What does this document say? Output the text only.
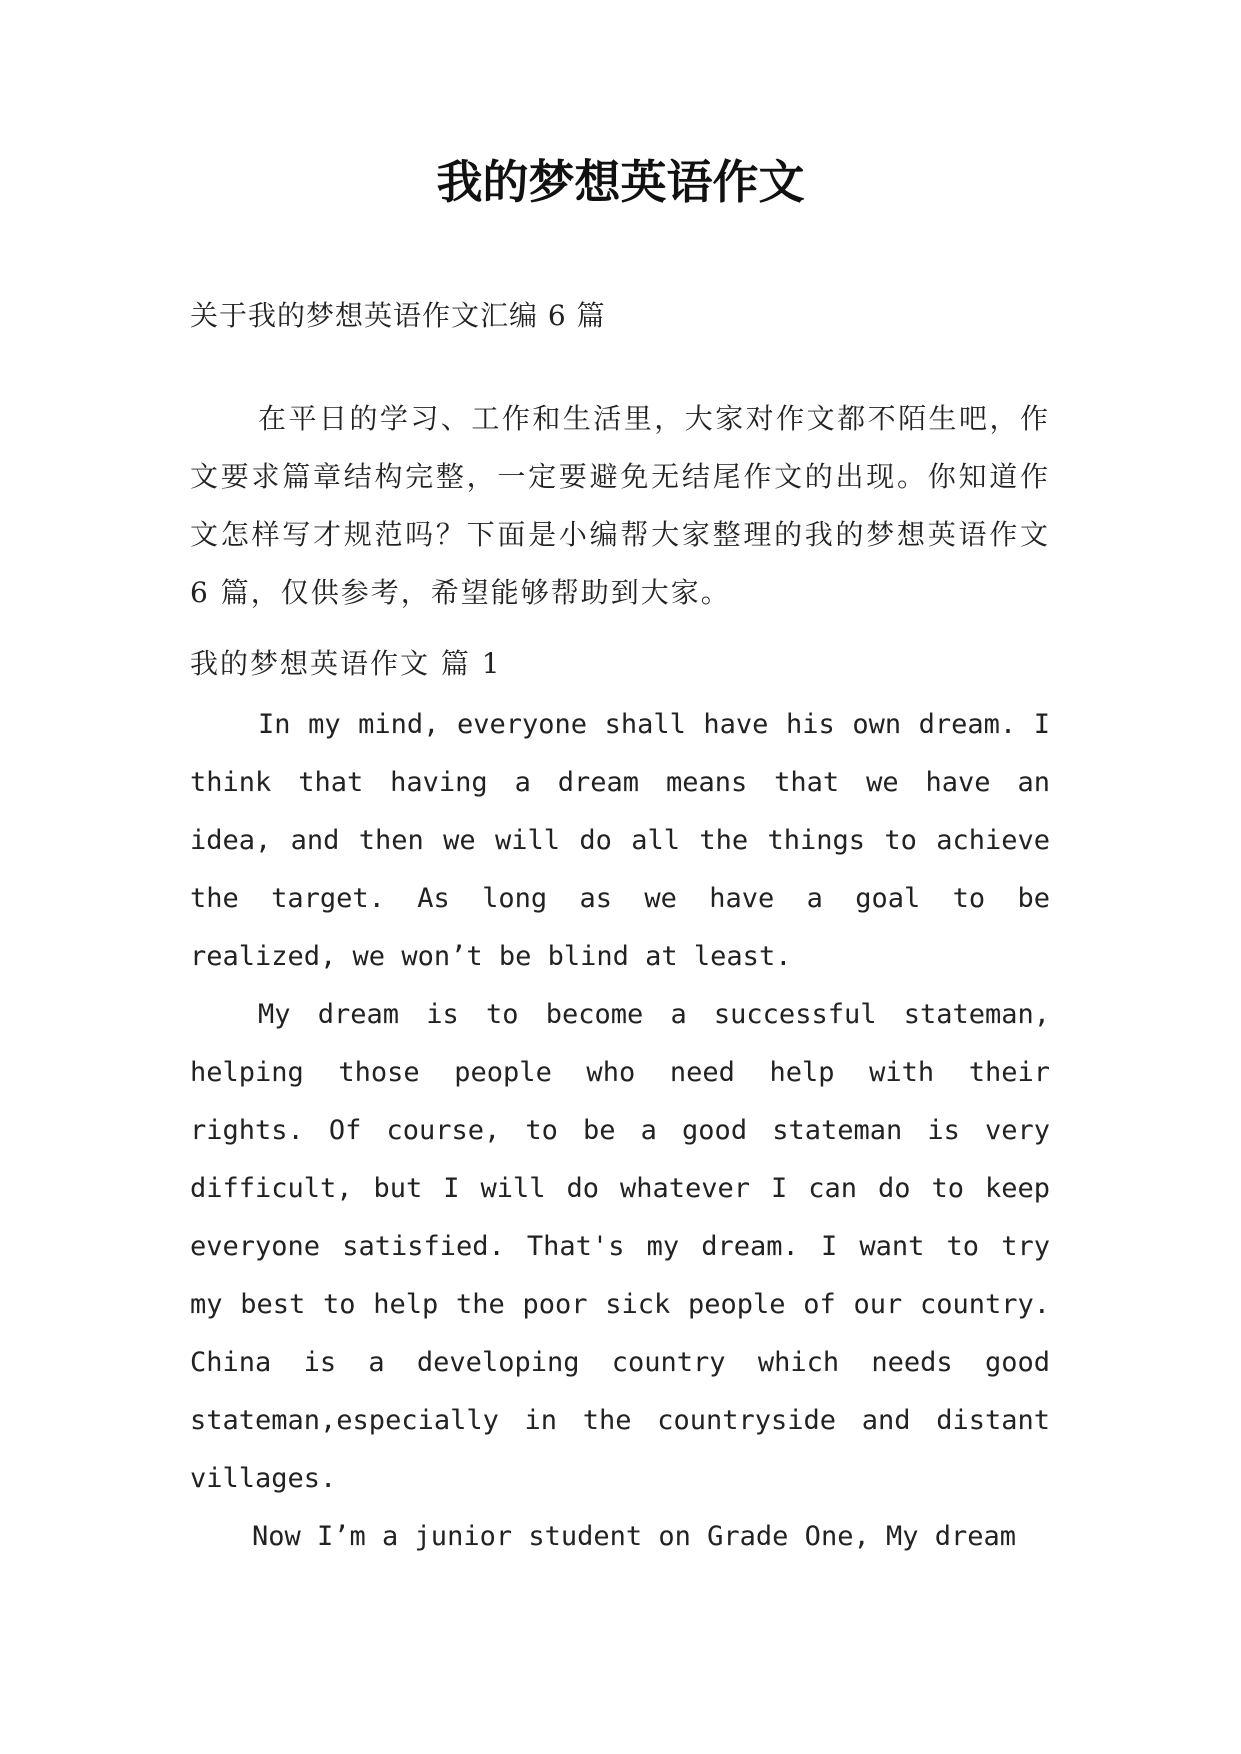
我的梦想英语作文
关于我的梦想英语作文汇编 6 篇

在平日的学习、工作和生活里，大家对作文都不陌生吧，作文要求篇章结构完整，一定要避免无结尾作文的出现。你知道作文怎样写才规范吗？下面是小编帮大家整理的我的梦想英语作文 6 篇，仅供参考，希望能够帮助到大家。

我的梦想英语作文 篇 1

In my mind, everyone shall have his own dream. I think that having a dream means that we have an idea, and then we will do all the things to achieve the target. As long as we have a goal to be realized, we won’t be blind at least.

My dream is to become a successful stateman, helping those people who need help with their rights. Of course, to be a good stateman is very difficult, but I will do whatever I can do to keep everyone satisfied. That's my dream. I want to try my best to help the poor sick people of our country. China is a developing country which needs good stateman,especially in the countryside and distant villages.

Now I’m a junior student on Grade One, My dream
